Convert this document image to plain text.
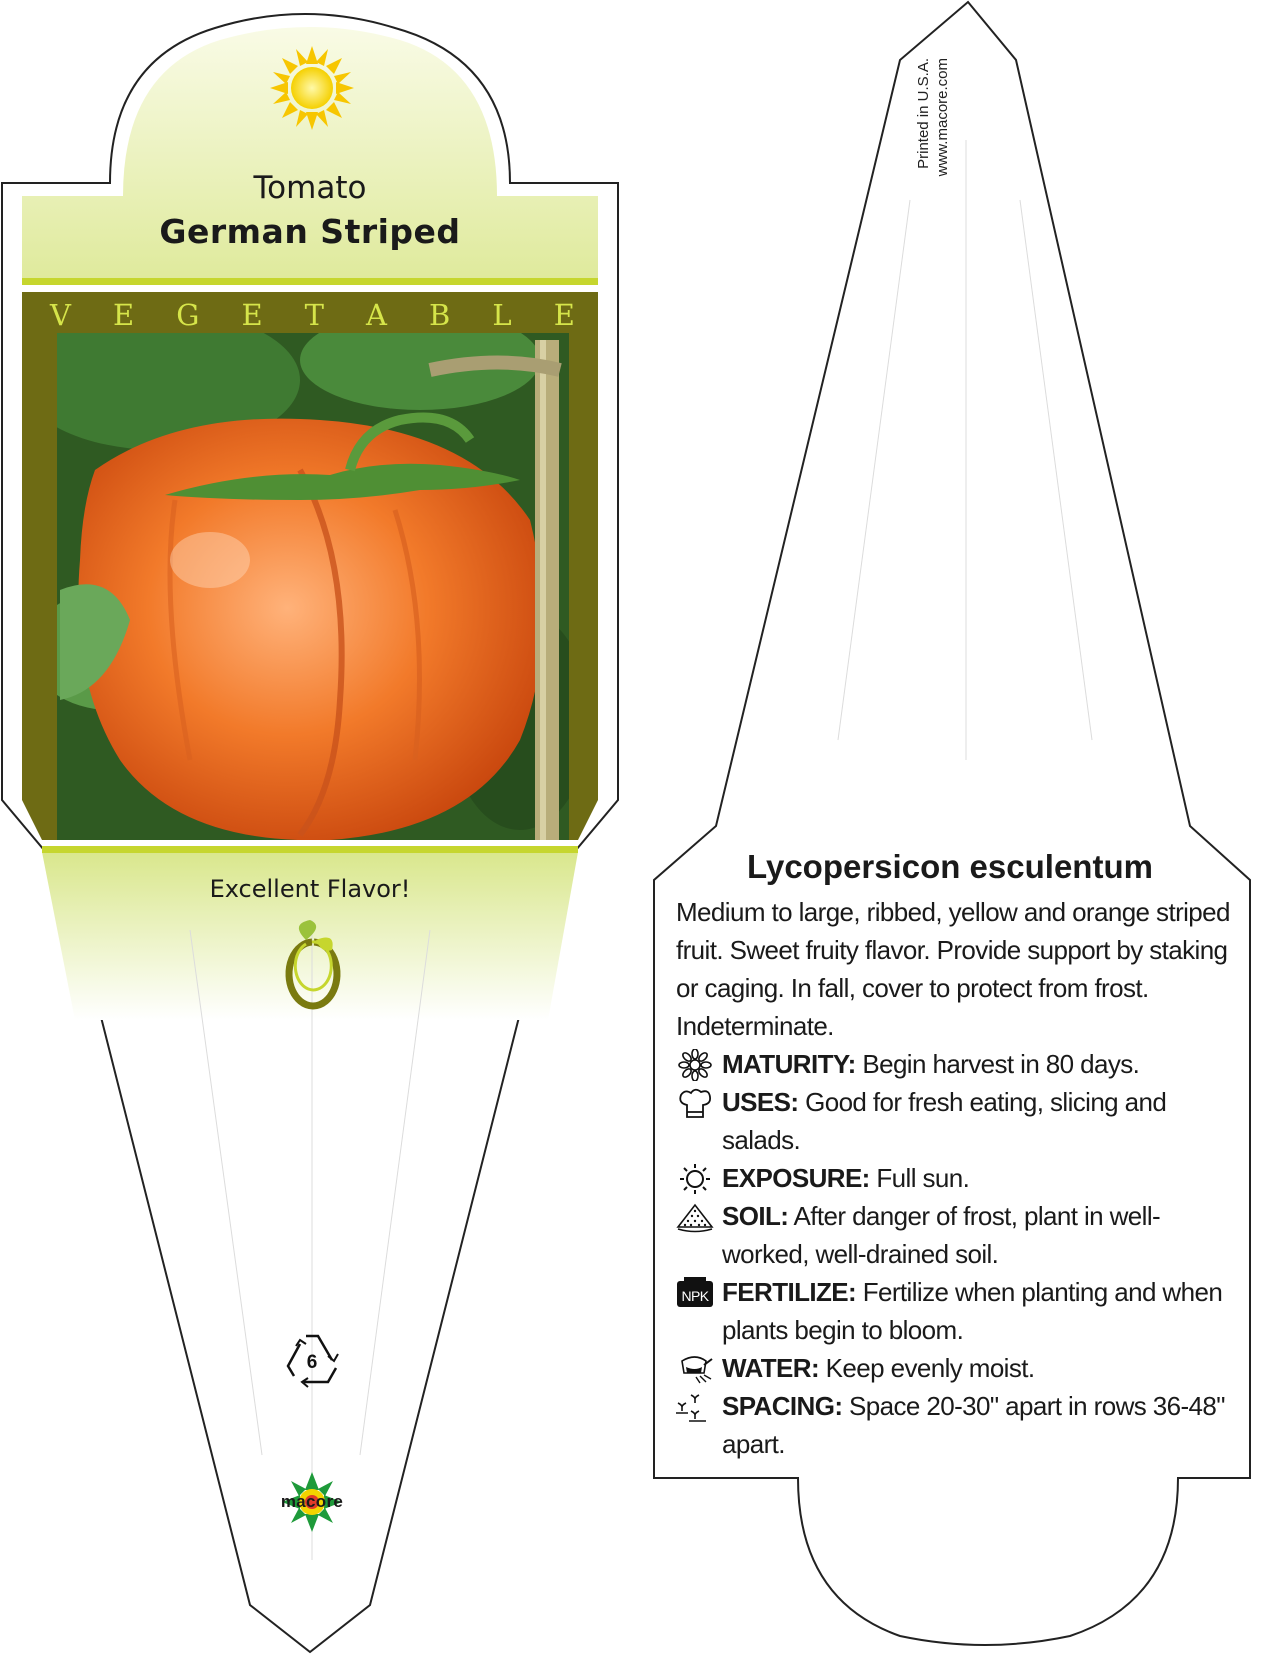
Tomato
German Striped
V E G E T A B L E
Excellent Flavor!
6
macore
Printed in U.S.A. www.macore.com
Lycopersicon esculentum

Medium to large, ribbed, yellow and orange striped fruit. Sweet fruity flavor. Provide support by staking or caging. In fall, cover to protect from frost. Indeterminate.

MATURITY: Begin harvest in 80 days.

USES: Good for fresh eating, slicing and salads.

EXPOSURE: Full sun.

SOIL: After danger of frost, plant in well-worked, well-drained soil.

NPK FERTILIZE: Fertilize when planting and when plants begin to bloom.

WATER: Keep evenly moist.

SPACING: Space 20-30" apart in rows 36-48" apart.
